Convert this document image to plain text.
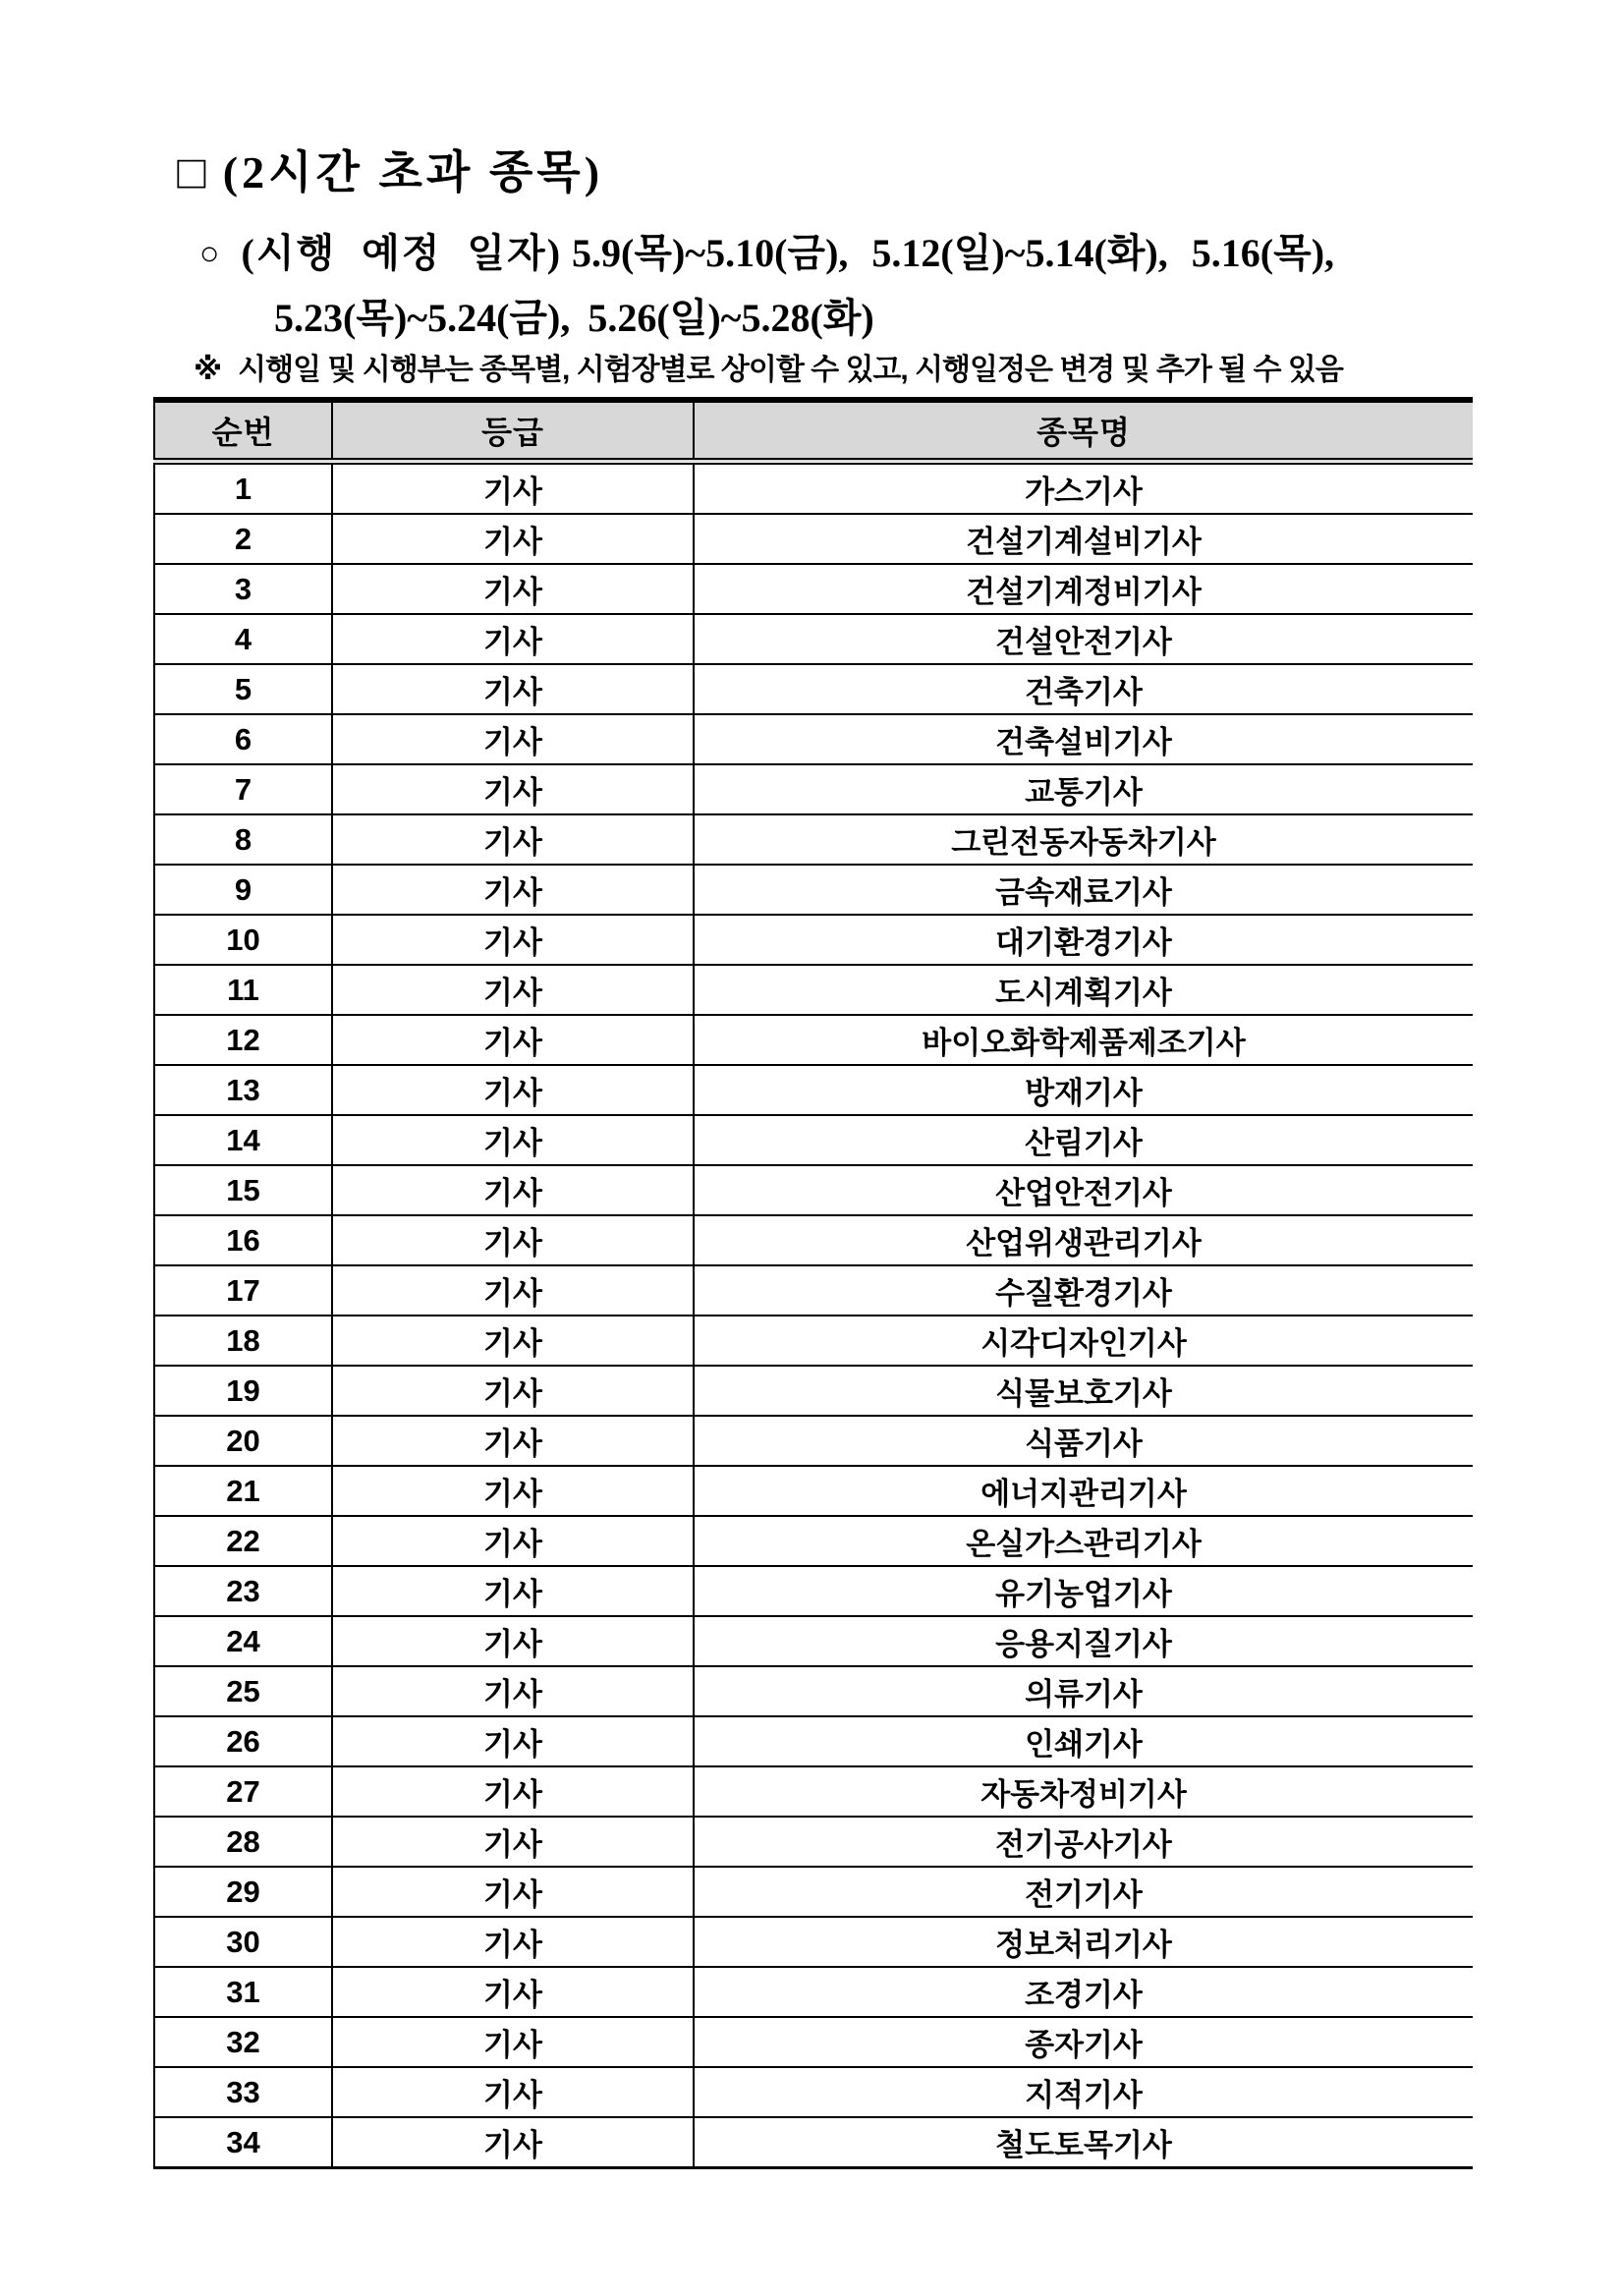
□ (2시간 초과 종목)
○ (시행 예정 일자) 5.9(목)~5.10(금), 5.12(일)~5.14(화), 5.16(목),
5.23(목)~5.24(금), 5.26(일)~5.28(화)
※ 시행일 및 시행부는 종목별, 시험장별로 상이할 수 있고, 시행일정은 변경 및 추가 될 수 있음
순번	등급	종목명
1	기사	가스기사
2	기사	건설기계설비기사
3	기사	건설기계정비기사
4	기사	건설안전기사
5	기사	건축기사
6	기사	건축설비기사
7	기사	교통기사
8	기사	그린전동자동차기사
9	기사	금속재료기사
10	기사	대기환경기사
11	기사	도시계획기사
12	기사	바이오화학제품제조기사
13	기사	방재기사
14	기사	산림기사
15	기사	산업안전기사
16	기사	산업위생관리기사
17	기사	수질환경기사
18	기사	시각디자인기사
19	기사	식물보호기사
20	기사	식품기사
21	기사	에너지관리기사
22	기사	온실가스관리기사
23	기사	유기농업기사
24	기사	응용지질기사
25	기사	의류기사
26	기사	인쇄기사
27	기사	자동차정비기사
28	기사	전기공사기사
29	기사	전기기사
30	기사	정보처리기사
31	기사	조경기사
32	기사	종자기사
33	기사	지적기사
34	기사	철도토목기사
